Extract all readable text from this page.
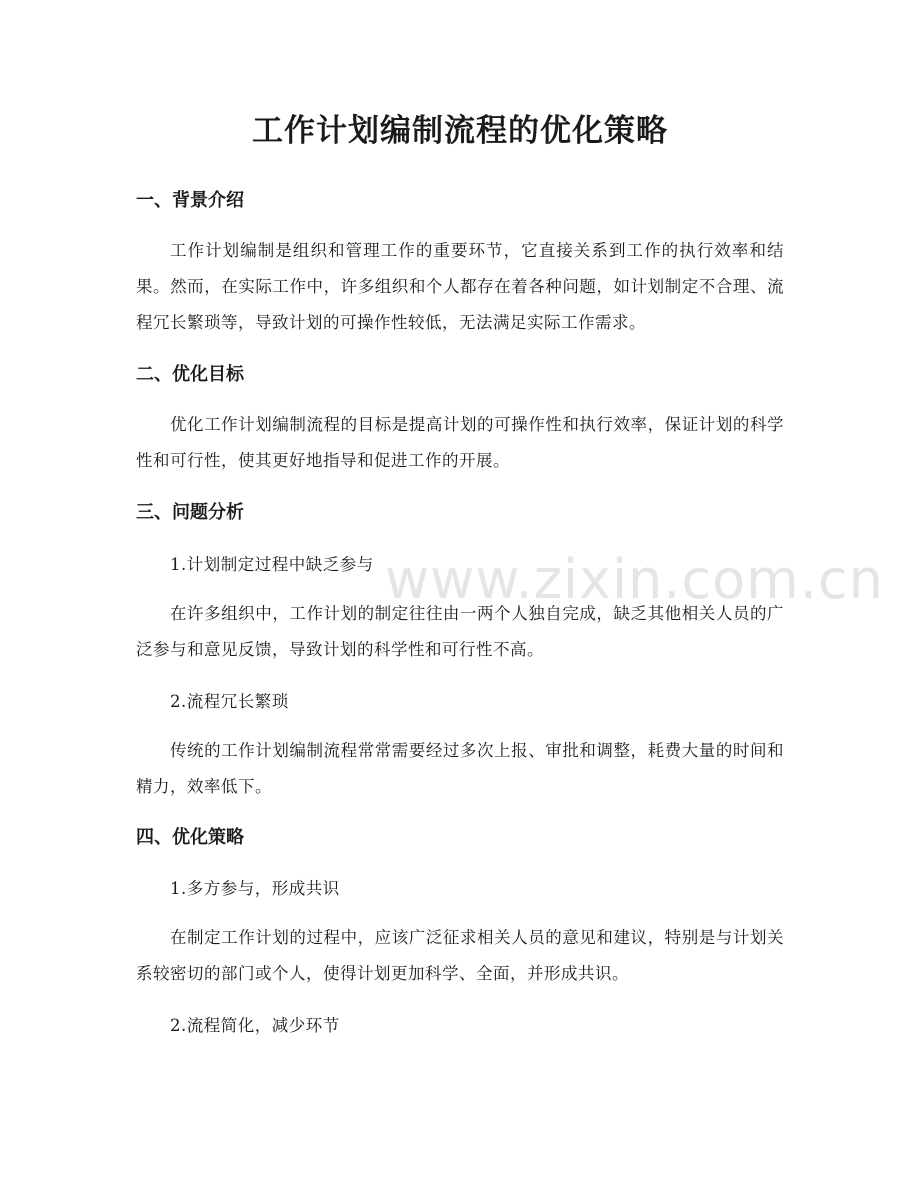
工作计划编制流程的优化策略
一、背景介绍

工作计划编制是组织和管理工作的重要环节，它直接关系到工作的执行效率和结果。然而，在实际工作中，许多组织和个人都存在着各种问题，如计划制定不合理、流程冗长繁琐等，导致计划的可操作性较低，无法满足实际工作需求。

二、优化目标

优化工作计划编制流程的目标是提高计划的可操作性和执行效率，保证计划的科学性和可行性，使其更好地指导和促进工作的开展。

三、问题分析

1.计划制定过程中缺乏参与

在许多组织中，工作计划的制定往往由一两个人独自完成，缺乏其他相关人员的广泛参与和意见反馈，导致计划的科学性和可行性不高。

2.流程冗长繁琐

传统的工作计划编制流程常常需要经过多次上报、审批和调整，耗费大量的时间和精力，效率低下。

四、优化策略

1.多方参与，形成共识

在制定工作计划的过程中，应该广泛征求相关人员的意见和建议，特别是与计划关系较密切的部门或个人，使得计划更加科学、全面，并形成共识。

2.流程简化，减少环节

www.zixin.com.cn
